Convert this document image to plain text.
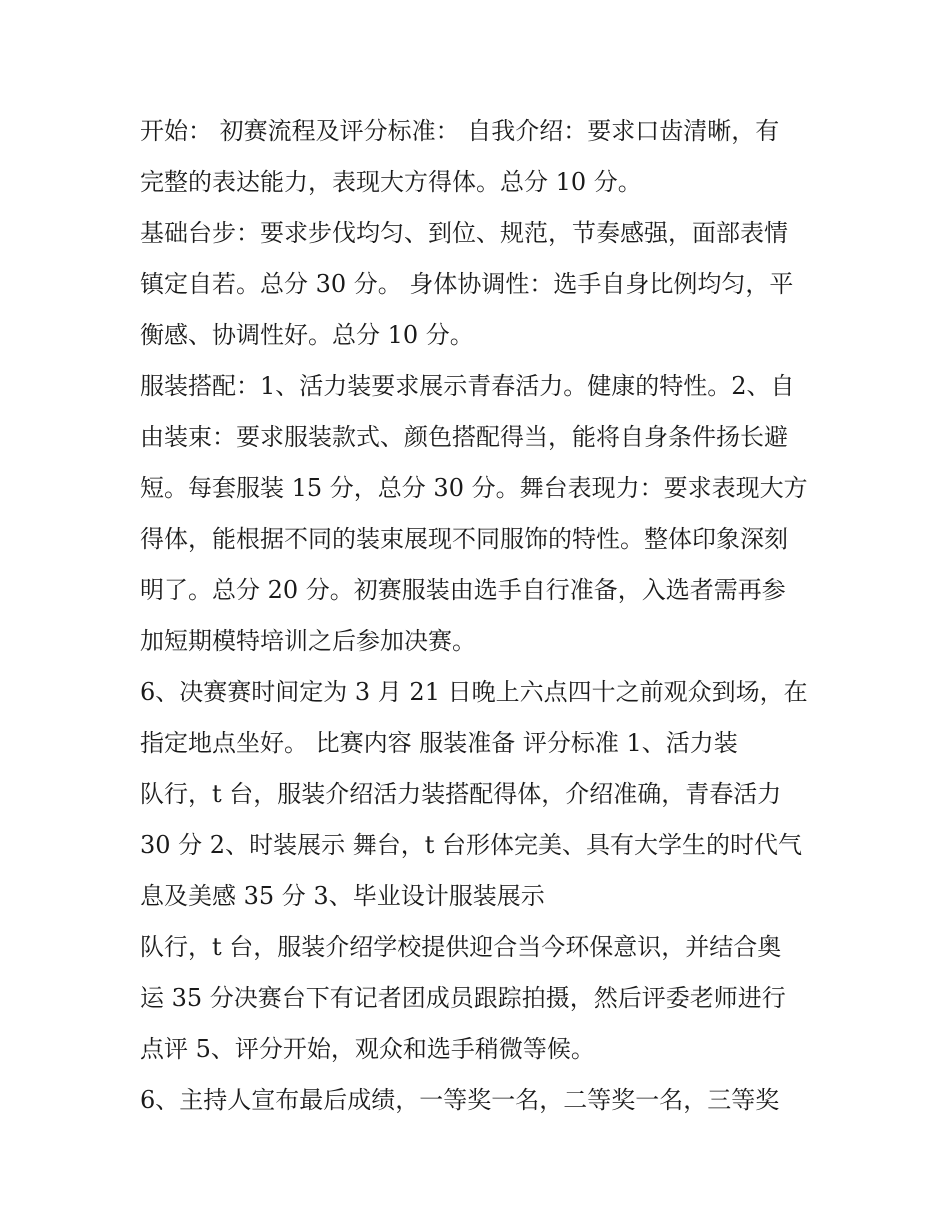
开始： 初赛流程及评分标准： 自我介绍：要求口齿清晰，有
完整的表达能力，表现大方得体。总分 10 分。
基础台步：要求步伐均匀、到位、规范，节奏感强，面部表情
镇定自若。总分 30 分。 身体协调性：选手自身比例均匀，平
衡感、协调性好。总分 10 分。
服装搭配：1、活力装要求展示青春活力。健康的特性。2、自
由装束：要求服装款式、颜色搭配得当，能将自身条件扬长避
短。每套服装 15 分，总分 30 分。舞台表现力：要求表现大方
得体，能根据不同的装束展现不同服饰的特性。整体印象深刻
明了。总分 20 分。初赛服装由选手自行准备，入选者需再参
加短期模特培训之后参加决赛。
6、决赛赛时间定为 3 月 21 日晚上六点四十之前观众到场，在
指定地点坐好。 比赛内容 服装准备 评分标准 1、活力装
队行，t 台，服装介绍活力装搭配得体，介绍准确，青春活力
30 分 2、时装展示 舞台，t 台形体完美、具有大学生的时代气
息及美感 35 分 3、毕业设计服装展示
队行，t 台，服装介绍学校提供迎合当今环保意识，并结合奥
运 35 分决赛台下有记者团成员跟踪拍摄，然后评委老师进行
点评 5、评分开始，观众和选手稍微等候。
6、主持人宣布最后成绩，一等奖一名，二等奖一名，三等奖
